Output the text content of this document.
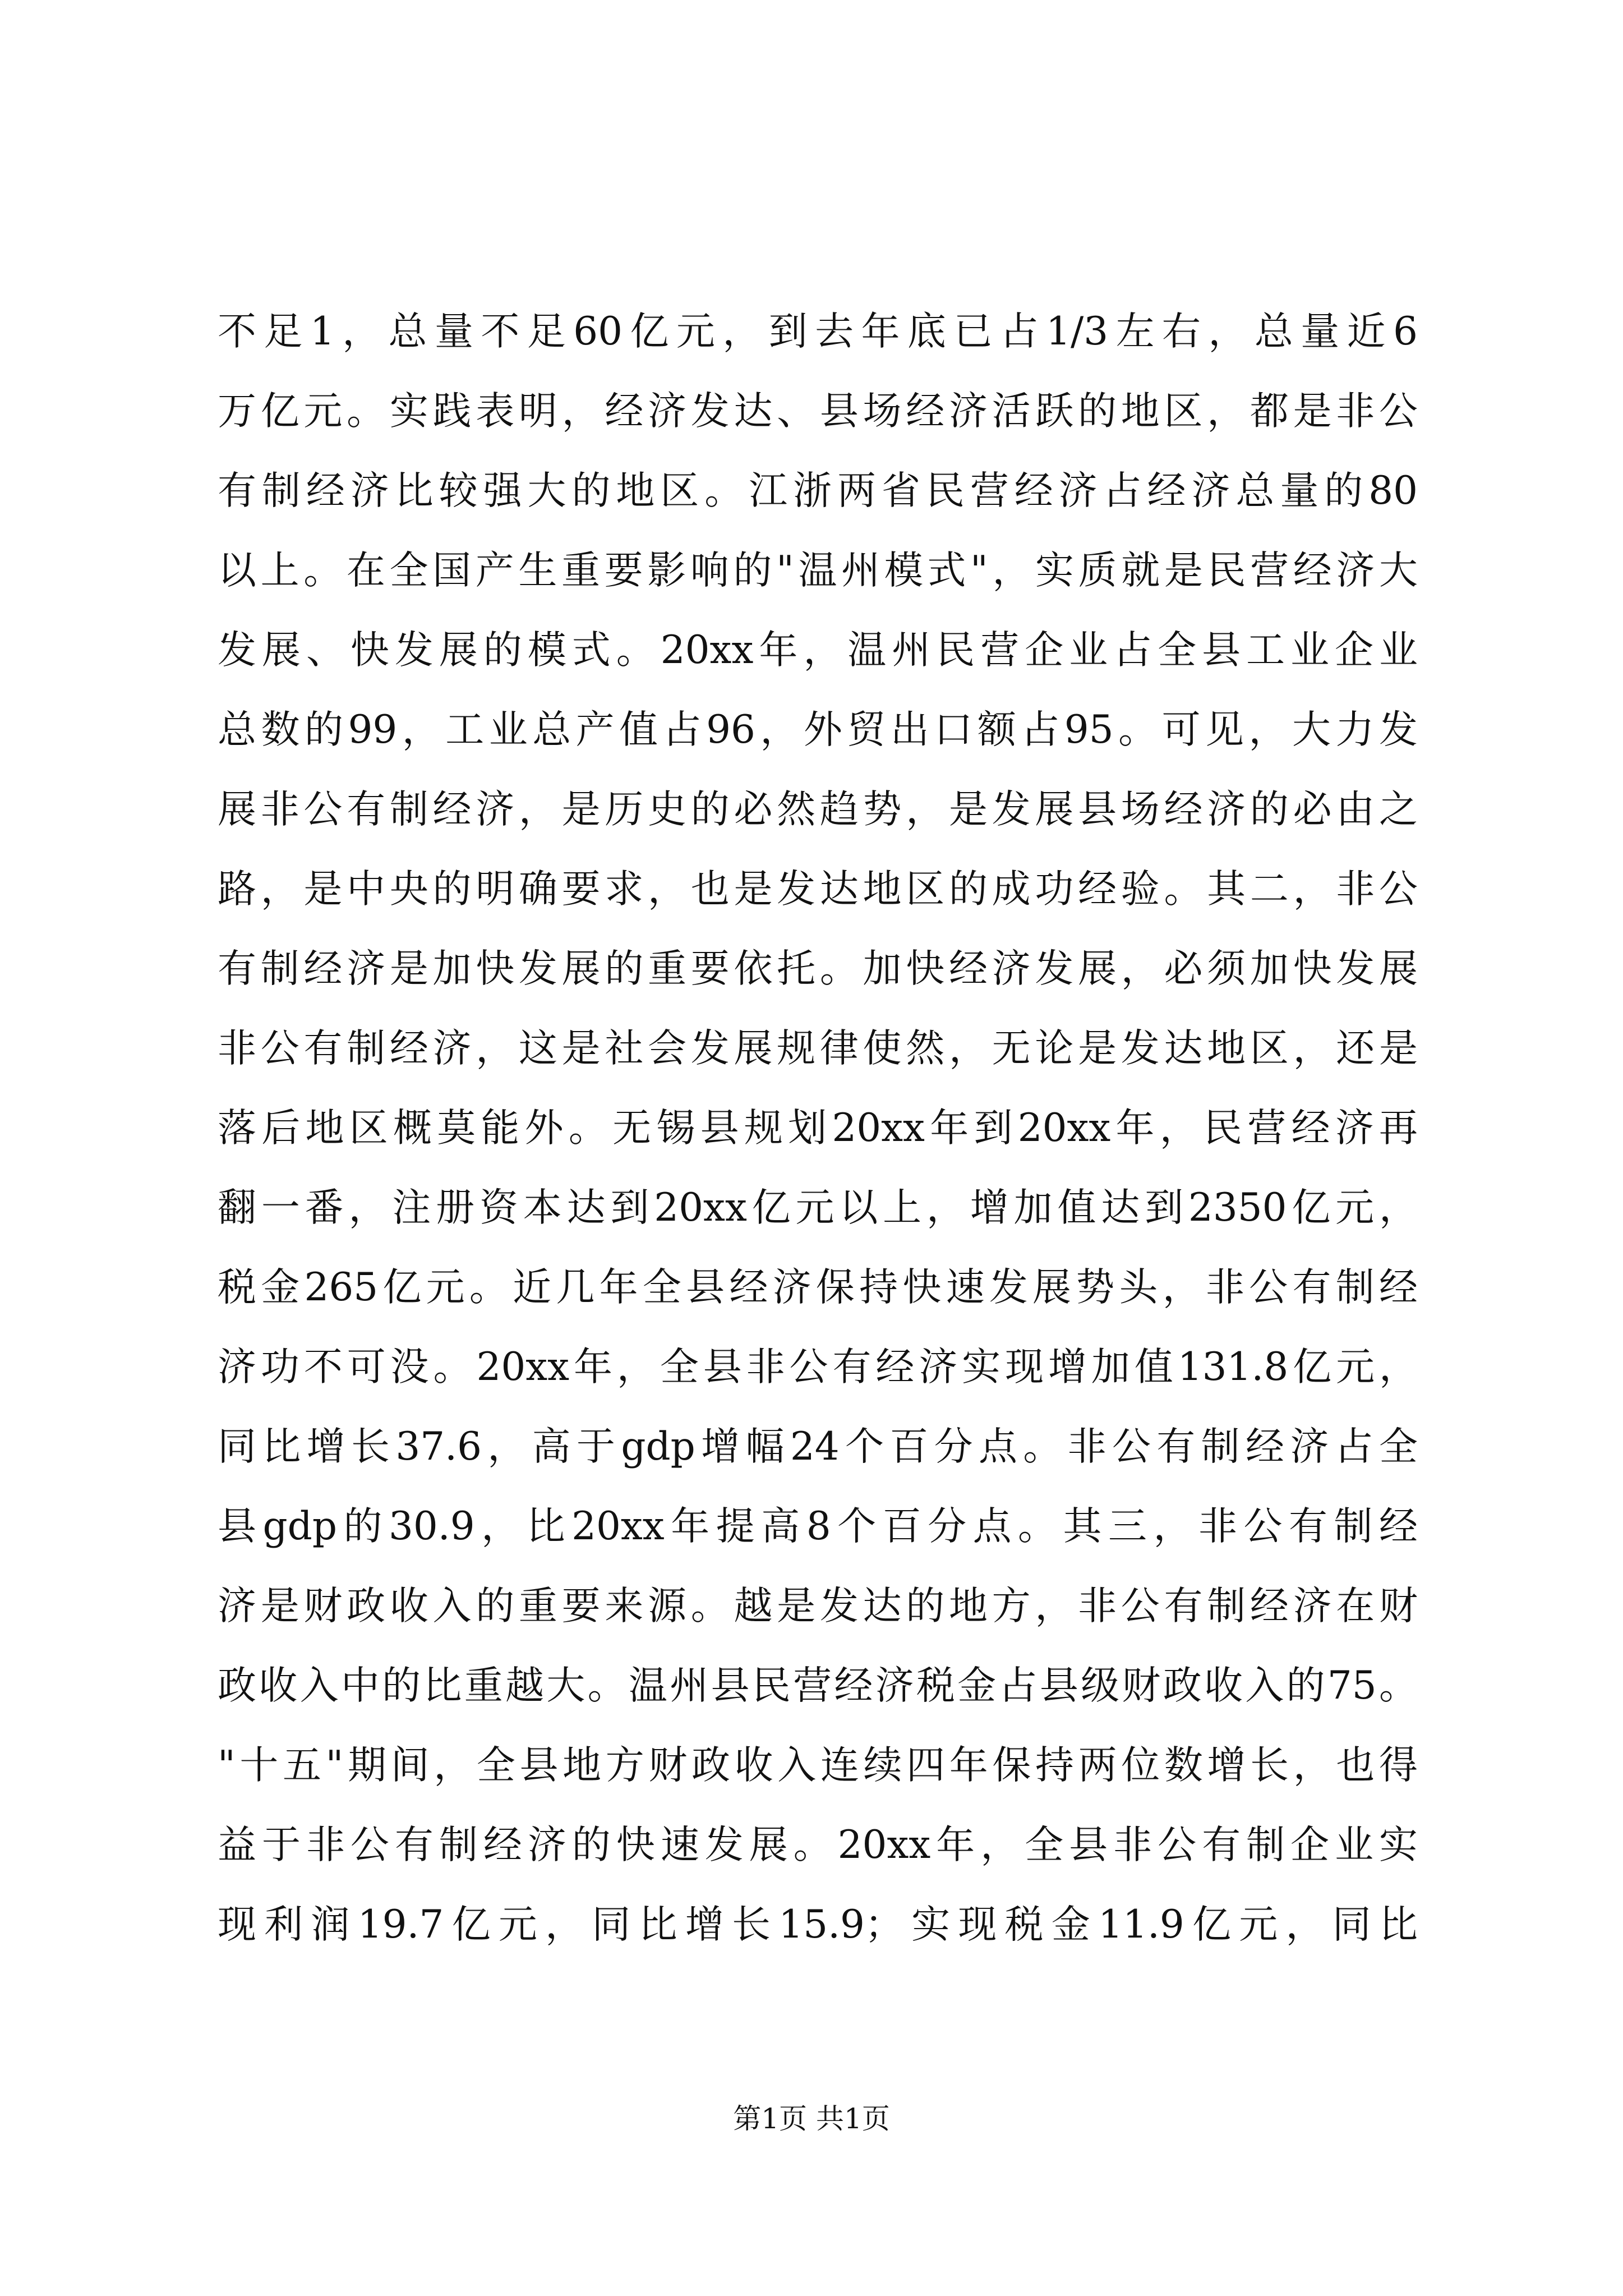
不足1，总量不足60亿元，到去年底已占1/3左右，总量近6
万亿元。实践表明，经济发达、县场经济活跃的地区，都是非公
有制经济比较强大的地区。江浙两省民营经济占经济总量的80
以上。在全国产生重要影响的"温州模式"，实质就是民营经济大
发展、快发展的模式。20xx年，温州民营企业占全县工业企业
总数的99，工业总产值占96，外贸出口额占95。可见，大力发
展非公有制经济，是历史的必然趋势，是发展县场经济的必由之
路，是中央的明确要求，也是发达地区的成功经验。其二，非公
有制经济是加快发展的重要依托。加快经济发展，必须加快发展
非公有制经济，这是社会发展规律使然，无论是发达地区，还是
落后地区概莫能外。无锡县规划20xx年到20xx年，民营经济再
翻一番，注册资本达到20xx亿元以上，增加值达到2350亿元，
税金265亿元。近几年全县经济保持快速发展势头，非公有制经
济功不可没。20xx年，全县非公有经济实现增加值131.8亿元，
同比增长37.6，高于gdp增幅24个百分点。非公有制经济占全
县gdp的30.9，比20xx年提高8个百分点。其三，非公有制经
济是财政收入的重要来源。越是发达的地方，非公有制经济在财
政收入中的比重越大。温州县民营经济税金占县级财政收入的75。
"十五"期间，全县地方财政收入连续四年保持两位数增长，也得
益于非公有制经济的快速发展。20xx年，全县非公有制企业实
现利润19.7亿元，同比增长15.9；实现税金11.9亿元，同比
第1页 共1页
